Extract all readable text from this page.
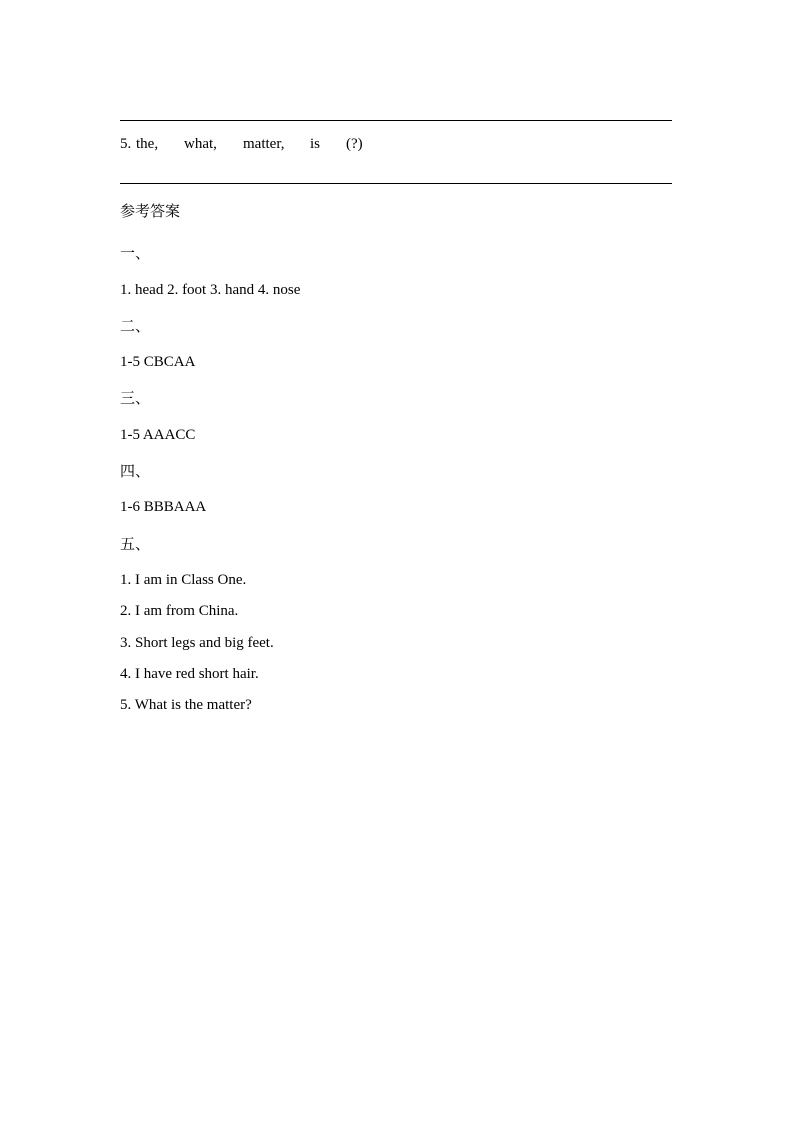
5. the, what, matter, is (?)
参考答案
一、
1. head 2. foot 3. hand 4. nose
二、
1-5 CBCAA
三、
1-5 AAACC
四、
1-6 BBBAAA
五、
1. I am in Class One.
2. I am from China.
3. Short legs and big feet.
4. I have red short hair.
5. What is the matter?
